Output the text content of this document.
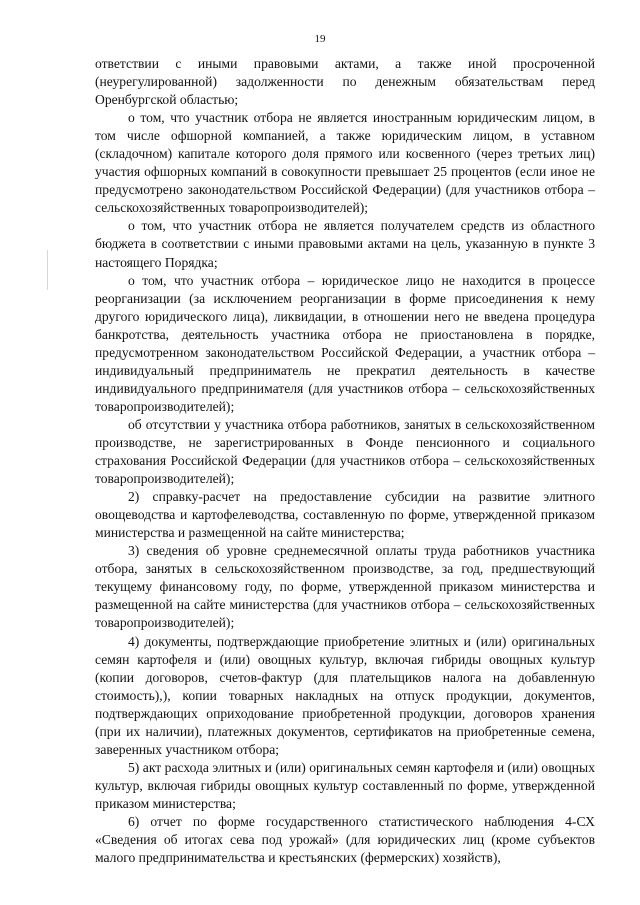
19

ответствии с иными правовыми актами, а также иной просроченной (неурегулированной) задолженности по денежным обязательствам перед Оренбургской областью;

о том, что участник отбора не является иностранным юридическим лицом, в том числе офшорной компанией, а также юридическим лицом, в уставном (складочном) капитале которого доля прямого или косвенного (через третьих лиц) участия офшорных компаний в совокупности превышает 25 процентов (если иное не предусмотрено законодательством Российской Федерации) (для участников отбора – сельскохозяйственных товаропроизводителей);

о том, что участник отбора не является получателем средств из областного бюджета в соответствии с иными правовыми актами на цель, указанную в пункте 3 настоящего Порядка;

о том, что участник отбора – юридическое лицо не находится в процессе реорганизации (за исключением реорганизации в форме присоединения к нему другого юридического лица), ликвидации, в отношении него не введена процедура банкротства, деятельность участника отбора не приостановлена в порядке, предусмотренном законодательством Российской Федерации, а участник отбора – индивидуальный предприниматель не прекратил деятельность в качестве индивидуального предпринимателя (для участников отбора – сельскохозяйственных товаропроизводителей);

об отсутствии у участника отбора работников, занятых в сельскохозяйственном производстве, не зарегистрированных в Фонде пенсионного и социального страхования Российской Федерации (для участников отбора – сельскохозяйственных товаропроизводителей);

2) справку-расчет на предоставление субсидии на развитие элитного овощеводства и картофелеводства, составленную по форме, утвержденной приказом министерства и размещенной на сайте министерства;

3) сведения об уровне среднемесячной оплаты труда работников участника отбора, занятых в сельскохозяйственном производстве, за год, предшествующий текущему финансовому году, по форме, утвержденной приказом министерства и размещенной на сайте министерства (для участников отбора – сельскохозяйственных товаропроизводителей);

4) документы, подтверждающие приобретение элитных и (или) оригинальных семян картофеля и (или) овощных культур, включая гибриды овощных культур (копии договоров, счетов-фактур (для плательщиков налога на добавленную стоимость),), копии товарных накладных на отпуск продукции, документов, подтверждающих оприходование приобретенной продукции, договоров хранения (при их наличии), платежных документов, сертификатов на приобретенные семена, заверенных участником отбора;

5) акт расхода элитных и (или) оригинальных семян картофеля и (или) овощных культур, включая гибриды овощных культур составленный по форме, утвержденной приказом министерства;

6) отчет по форме государственного статистического наблюдения 4-СХ «Сведения об итогах сева под урожай» (для юридических лиц (кроме субъектов малого предпринимательства и крестьянских (фермерских) хозяйств),
